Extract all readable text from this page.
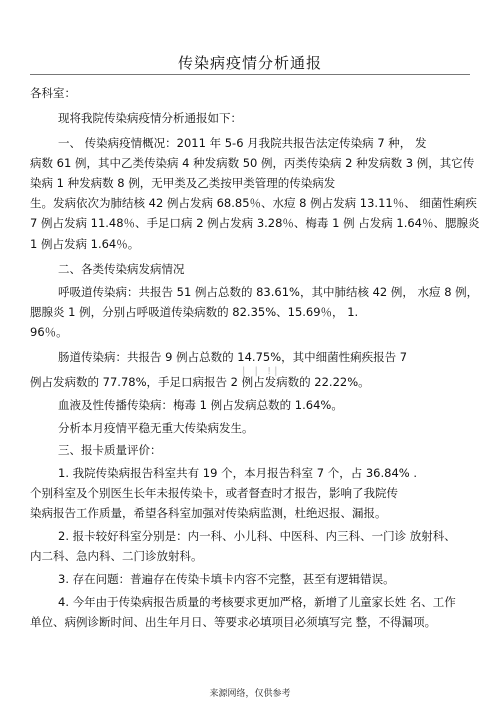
传染病疫情分析通报
各科室：
现将我院传染病疫情分析通报如下：
一、 传染病疫情概况：2011 年 5-6 月我院共报告法定传染病 7 种， 发
病数 61 例，其中乙类传染病 4 种发病数 50 例，丙类传染病 2 种发病数 3 例，其它传
染病 1 种发病数 8 例，无甲类及乙类按甲类管理的传染病发
生。发病依次为肺结核 42 例占发病 68.85％、水痘 8 例占发病 13.11％、 细菌性痢疾
7 例占发病 11.48％、手足口病 2 例占发病 3.28％、梅毒 1 例 占发病 1.64％、腮腺炎
1 例占发病 1.64％。
二、各类传染病发病情况
呼吸道传染病：共报告 51 例占总数的 83.61%，其中肺结核 42 例， 水痘 8 例，
腮腺炎 1 例，分别占呼吸道传染病数的 82.35%、15.69％， 1.
96％。
肠道传染病：共报告 9 例占总数的 14.75%，其中细菌性痢疾报告 7
| | !|
例占发病数的 77.78%，手足口病报告 2 例占发病数的 22.22%。
血液及性传播传染病：梅毒 1 例占发病总数的 1.64%。
分析本月疫情平稳无重大传染病发生。
三、报卡质量评价：
1. 我院传染病报告科室共有 19 个，本月报告科室 7 个，占 36.84% .
个别科室及个别医生长年未报传染卡，或者督查时才报告，影响了我院传
染病报告工作质量，希望各科室加强对传染病监测，杜绝迟报、漏报。
2. 报卡较好科室分别是：内一科、小儿科、中医科、内三科、一门诊 放射科、
内二科、急内科、二门诊放射科。
3. 存在问题：普遍存在传染卡填卡内容不完整，甚至有逻辑错误。
4. 今年由于传染病报告质量的考核要求更加严格，新增了儿童家长姓 名、工作
单位、病例诊断时间、出生年月日、等要求必填项目必须填写完 整，不得漏项。
来源网络，仅供参考
